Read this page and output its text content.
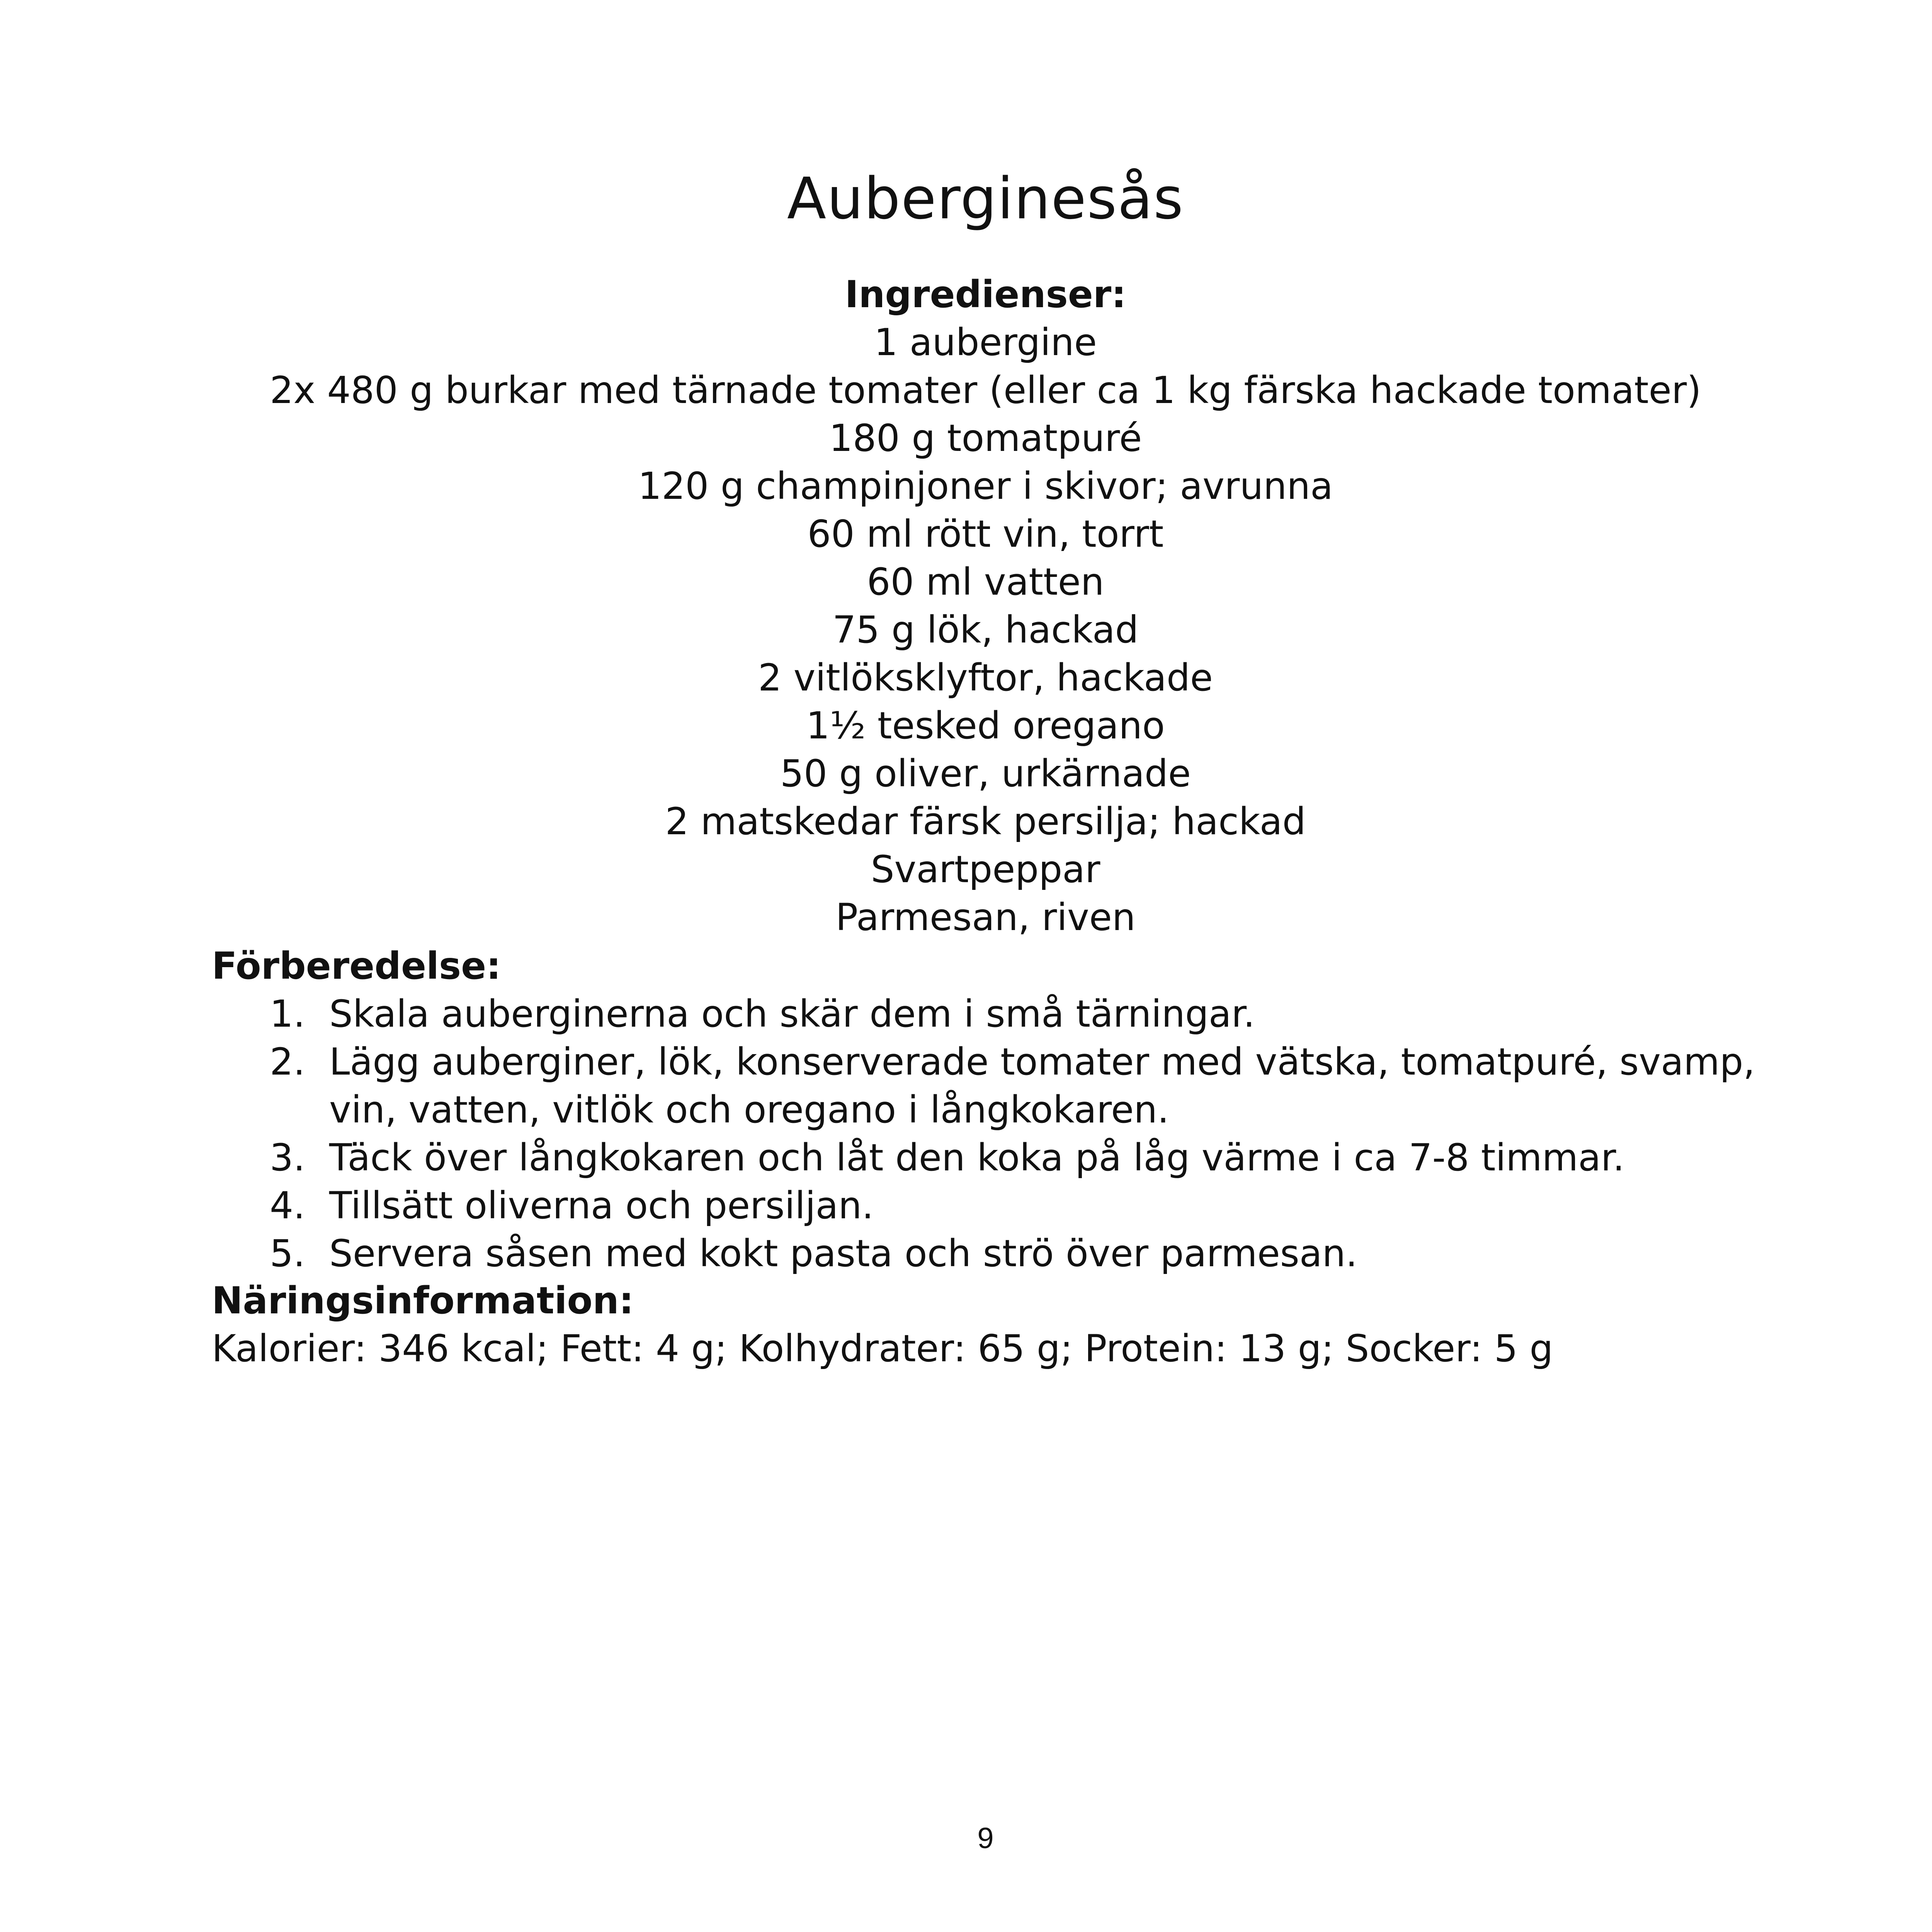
Auberginesås
Ingredienser:
1 aubergine
2x 480 g burkar med tärnade tomater (eller ca 1 kg färska hackade tomater)
180 g tomatpuré
120 g champinjoner i skivor; avrunna
60 ml rött vin, torrt
60 ml vatten
75 g lök, hackad
2 vitlöksklyftor, hackade
1½ tesked oregano
50 g oliver, urkärnade
2 matskedar färsk persilja; hackad
Svartpeppar
Parmesan, riven
Förberedelse:
1. Skala auberginerna och skär dem i små tärningar.
2. Lägg auberginer, lök, konserverade tomater med vätska, tomatpuré, svamp, vin, vatten, vitlök och oregano i långkokaren.
3. Täck över långkokaren och låt den koka på låg värme i ca 7-8 timmar.
4. Tillsätt oliverna och persiljan.
5. Servera såsen med kokt pasta och strö över parmesan.
Näringsinformation:
Kalorier: 346 kcal; Fett: 4 g; Kolhydrater: 65 g; Protein: 13 g; Socker: 5 g
9
